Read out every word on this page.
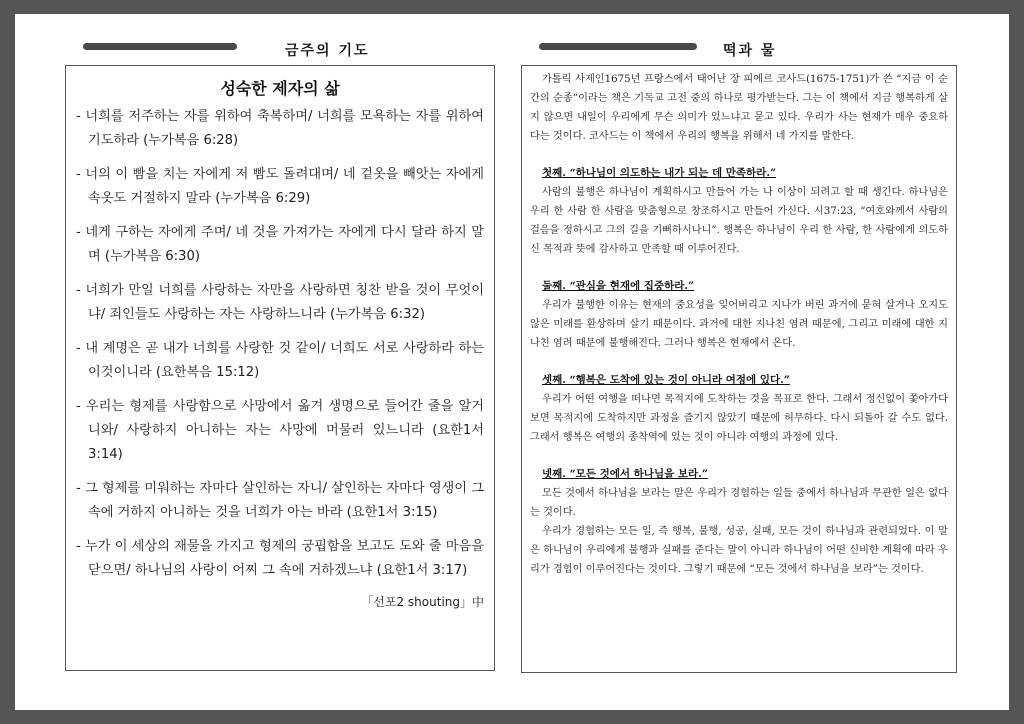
금주의 기도
성숙한 제자의 삶

- 너희를 저주하는 자를 위하여 축복하며/ 너희를 모욕하는 자를 위하여 기도하라 (누가복음 6:28)

- 너의 이 빰을 치는 자에게 저 빰도 돌려대며/ 네 겉옷을 빼앗는 자에게 속옷도 거절하지 말라 (누가복음 6:29)

- 네게 구하는 자에게 주며/ 네 것을 가져가는 자에게 다시 달라 하지 말며 (누가복음 6:30)

- 너희가 만일 너희를 사랑하는 자만을 사랑하면 칭찬 받을 것이 무엇이냐/ 죄인들도 사랑하는 자는 사랑하느니라 (누가복음 6:32)

- 내 계명은 곧 내가 너희를 사랑한 것 같이/ 너희도 서로 사랑하라 하는 이것이니라 (요한복음 15:12)

- 우리는 형제를 사랑함으로 사망에서 옮겨 생명으로 들어간 줄을 알거니와/ 사랑하지 아니하는 자는 사망에 머물러 있느니라 (요한1서 3:14)

- 그 형제를 미워하는 자마다 살인하는 자니/ 살인하는 자마다 영생이 그 속에 거하지 아니하는 것을 너희가 아는 바라 (요한1서 3:15)

- 누가 이 세상의 재물을 가지고 형제의 궁핍함을 보고도 도와 줄 마음을 닫으면/ 하나님의 사랑이 어찌 그 속에 거하겠느냐 (요한1서 3:17)

「선포2 shouting」中
떡과 물

가톨릭 사제인1675년 프랑스에서 태어난 장 피에르 코사드(1675-1751)가 쓴 “지금 이 순간의 순종”이라는 책은 기독교 고전 중의 하나로 평가받는다. 그는 이 책에서 지금 행복하게 살지 않으면 내일이 우리에게 무슨 의미가 있느냐고 묻고 있다. 우리가 사는 현재가 매우 중요하다는 것이다. 코사드는 이 책에서 우리의 행복을 위해서 네 가지를 말한다.

첫째. “하나님이 의도하는 내가 되는 데 만족하라.”

사람의 불행은 하나님이 계획하시고 만들어 가는 나 이상이 되려고 할 때 생긴다. 하나님은 우리 한 사람 한 사람을 맞춤형으로 창조하시고 만들어 가신다. 시37:23, “여호와께서 사람의 걸음을 정하시고 그의 길을 기뻐하시나니”. 행복은 하나님이 우리 한 사람, 한 사람에게 의도하신 목적과 뜻에 감사하고 만족할 때 이루어진다.

둘째. “관심을 현재에 집중하라.”

우리가 불행한 이유는 현재의 중요성을 잊어버리고 지나가 버린 과거에 묻혀 살거나 오지도 않은 미래를 환상하며 살기 때문이다. 과거에 대한 지나친 염려 때문에, 그리고 미래에 대한 지나친 염려 때문에 불행해진다. 그러나 행복은 현재에서 온다.

셋째. “행복은 도착에 있는 것이 아니라 여정에 있다.”

우리가 어떤 여행을 떠나면 목적지에 도착하는 것을 목표로 한다. 그래서 정신없이 쫓아가다 보면 목적지에 도착하지만 과정을 즐기지 않았기 때문에 허무하다. 다시 되돌아 갈 수도 없다. 그래서 행복은 여행의 종착역에 있는 것이 아니라 여행의 과정에 있다.

넷째. “모든 것에서 하나님을 보라.”

모든 것에서 하나님을 보라는 말은 우리가 경험하는 일들 중에서 하나님과 무관한 일은 없다는 것이다.

우리가 경험하는 모든 일, 즉 행복, 불행, 성공, 실패, 모든 것이 하나님과 관련되었다. 이 말은 하나님이 우리에게 불행과 실패를 준다는 말이 아니라 하나님이 어떤 신비한 계획에 따라 우리가 경험이 이루어진다는 것이다. 그렇기 때문에 “모든 것에서 하나님을 보라”는 것이다.
